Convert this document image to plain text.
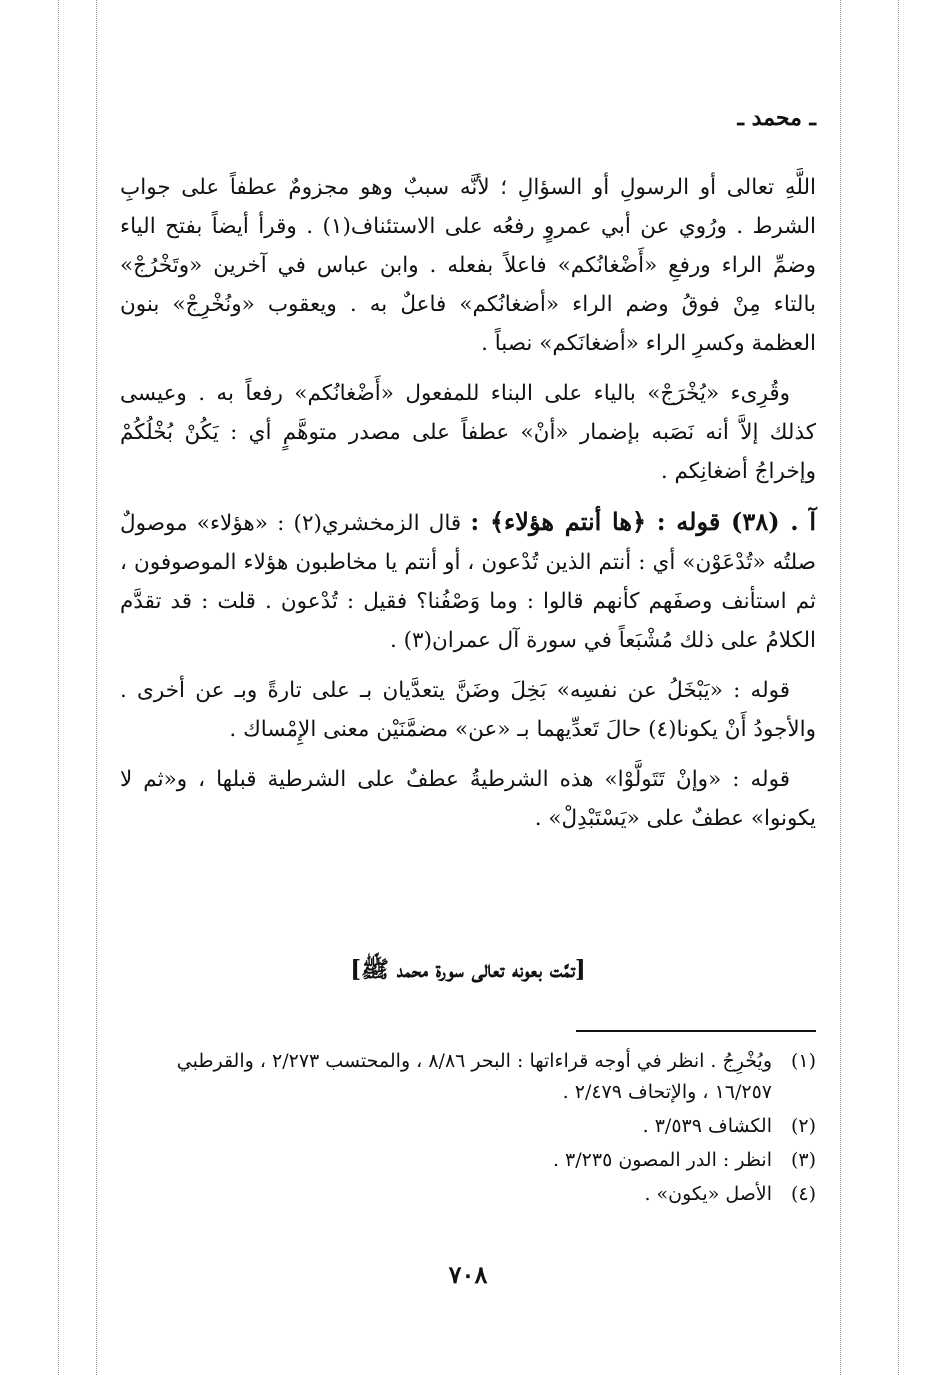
ـ محمد ـ

اللَّهِ تعالى أو الرسولِ أو السؤالِ ؛ لأنَّه سببٌ وهو مجزومٌ عطفاً على جوابِ الشرط . ورُوي عن أبي عمروٍ رفعُه على الاستئناف(١) . وقرأ أيضاً بفتح الياء وضمِّ الراء ورفعِ «أَضْغانُكم» فاعلاً بفعله . وابن عباس في آخرين «وتَخْرُجْ» بالتاء مِنْ فوقُ وضم الراء «أضغانُكم» فاعلٌ به . ويعقوب «ونُخْرِجْ» بنون العظمة وكسرِ الراء «أضغانَكم» نصباً .

وقُرِىء «يُخْرَجْ» بالياء على البناء للمفعول «أَضْغانُكم» رفعاً به . وعيسى كذلك إلاَّ أنه نَصَبه بإضمار «أنْ» عطفاً على مصدر متوهَّمٍ أي : يَكُنْ بُخْلُكُمْ وإخراجُ أضغانِكم .

آ . (٣٨) قوله : ﴿ها أنتم هؤلاء﴾ : قال الزمخشري(٢) : «هؤلاء» موصولٌ صلتُه «تُدْعَوْن» أي : أنتم الذين تُدْعون ، أو أنتم يا مخاطبون هؤلاء الموصوفون ، ثم استأنف وصفَهم كأنهم قالوا : وما وَصْفُنا؟ فقيل : تُدْعون . قلت : قد تقدَّم الكلامُ على ذلك مُشْبَعاً في سورة آل عمران(٣) .

قوله : «يَبْخَلُ عن نفسِه» بَخِلَ وضَنَّ يتعدَّيان بـ على تارةً وبـ عن أخرى . والأجودُ أَنْ يكونا(٤) حالَ تَعدِّيهما بـ «عن» مضمَّنَيْن معنى الإِمْساك .

قوله : «وإنْ تَتَولَّوْا» هذه الشرطيةُ عطفٌ على الشرطية قبلها ، و«ثم لا يكونوا» عطفٌ على «يَسْتَبْدِلْ» .

[تمَّت بعونه تعالى سورة محمد ﷺ]
(١)
ويُخْرِجُ . انظر في أوجه قراءاتها : البحر ٨/٨٦ ، والمحتسب ٢/٢٧٣ ، والقرطبي ١٦/٢٥٧ ، والإتحاف ٢/٤٧٩ .
(٢)
الكشاف ٣/٥٣٩ .
(٣)
انظر : الدر المصون ٣/٢٣٥ .
(٤)
الأصل «يكون» .
٧٠٨
